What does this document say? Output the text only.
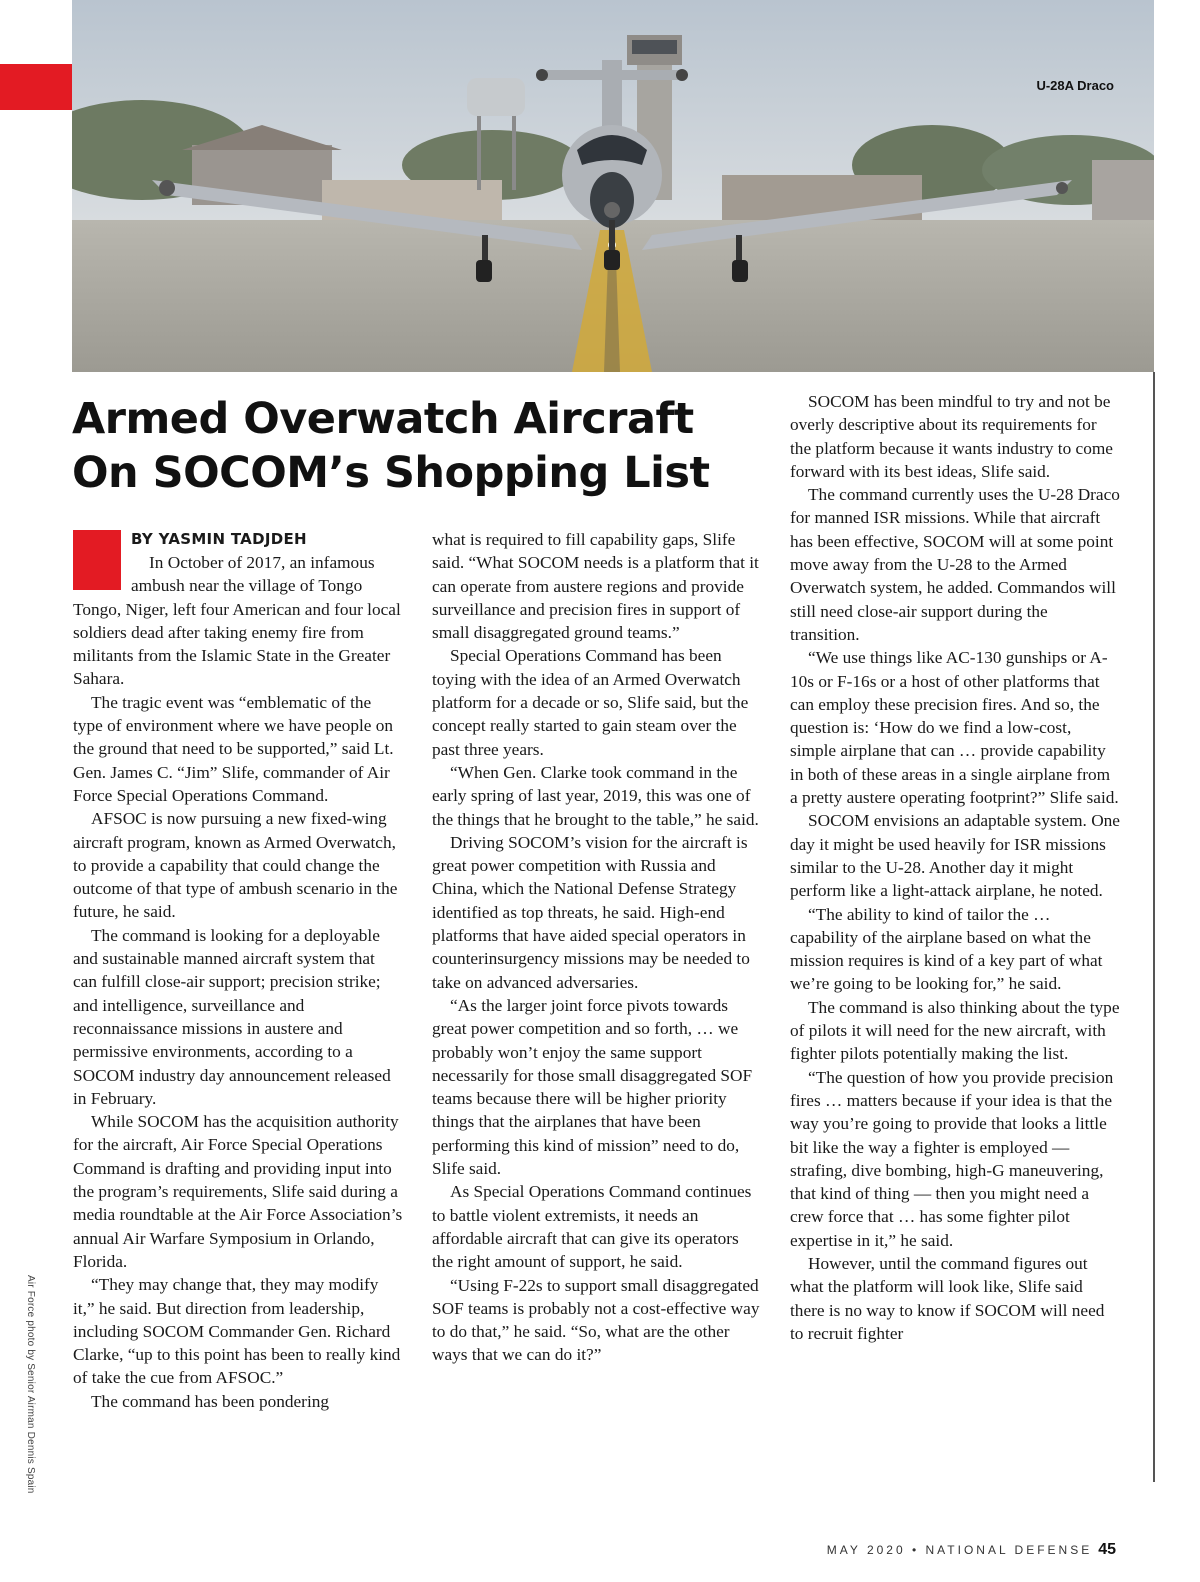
U-28A Draco
Armed Overwatch Aircraft
On SOCOM’s Shopping List
BY YASMIN TADJDEH

In October of 2017, an infamous ambush near the village of Tongo Tongo, Niger, left four American and four local soldiers dead after taking enemy fire from militants from the Islamic State in the Greater Sahara.

The tragic event was “emblematic of the type of environment where we have people on the ground that need to be supported,” said Lt. Gen. James C. “Jim” Slife, commander of Air Force Special Operations Command.

AFSOC is now pursuing a new fixed-wing aircraft program, known as Armed Overwatch, to provide a capability that could change the outcome of that type of ambush scenario in the future, he said.

The command is looking for a deployable and sustainable manned aircraft system that can fulfill close-air support; precision strike; and intelligence, surveillance and reconnaissance missions in austere and permissive environments, according to a SOCOM industry day announcement released in February.

While SOCOM has the acquisition authority for the aircraft, Air Force Special Operations Command is drafting and providing input into the program’s requirements, Slife said during a media roundtable at the Air Force Association’s annual Air Warfare Symposium in Orlando, Florida.

“They may change that, they may modify it,” he said. But direction from leadership, including SOCOM Commander Gen. Richard Clarke, “up to this point has been to really kind of take the cue from AFSOC.”

The command has been pondering

what is required to fill capability gaps, Slife said. “What SOCOM needs is a platform that it can operate from austere regions and provide surveillance and precision fires in support of small disaggregated ground teams.”

Special Operations Command has been toying with the idea of an Armed Overwatch platform for a decade or so, Slife said, but the concept really started to gain steam over the past three years.

“When Gen. Clarke took command in the early spring of last year, 2019, this was one of the things that he brought to the table,” he said.

Driving SOCOM’s vision for the aircraft is great power competition with Russia and China, which the National Defense Strategy identified as top threats, he said. High-end platforms that have aided special operators in counterinsurgency missions may be needed to take on advanced adversaries.

“As the larger joint force pivots towards great power competition and so forth, … we probably won’t enjoy the same support necessarily for those small disaggregated SOF teams because there will be higher priority things that the airplanes that have been performing this kind of mission” need to do, Slife said.

As Special Operations Command continues to battle violent extremists, it needs an affordable aircraft that can give its operators the right amount of support, he said.

“Using F-22s to support small disaggregated SOF teams is probably not a cost-effective way to do that,” he said. “So, what are the other ways that we can do it?”

SOCOM has been mindful to try and not be overly descriptive about its requirements for the platform because it wants industry to come forward with its best ideas, Slife said.

The command currently uses the U-28 Draco for manned ISR missions. While that aircraft has been effective, SOCOM will at some point move away from the U-28 to the Armed Overwatch system, he added. Commandos will still need close-air support during the transition.

“We use things like AC-130 gunships or A-10s or F-16s or a host of other platforms that can employ these precision fires. And so, the question is: ‘How do we find a low-cost, simple airplane that can … provide capability in both of these areas in a single airplane from a pretty austere operating footprint?” Slife said.

SOCOM envisions an adaptable system. One day it might be used heavily for ISR missions similar to the U-28. Another day it might perform like a light-attack airplane, he noted.

“The ability to kind of tailor the … capability of the airplane based on what the mission requires is kind of a key part of what we’re going to be looking for,” he said.

The command is also thinking about the type of pilots it will need for the new aircraft, with fighter pilots potentially making the list.

“The question of how you provide precision fires … matters because if your idea is that the way you’re going to provide that looks a little bit like the way a fighter is employed — strafing, dive bombing, high-G maneuvering, that kind of thing — then you might need a crew force that … has some fighter pilot expertise in it,” he said.

However, until the command figures out what the platform will look like, Slife said there is no way to know if SOCOM will need to recruit fighter

Air Force photo by Senior Airman Dennis Spain
MAY 2020 • NATIONAL DEFENSE 45
